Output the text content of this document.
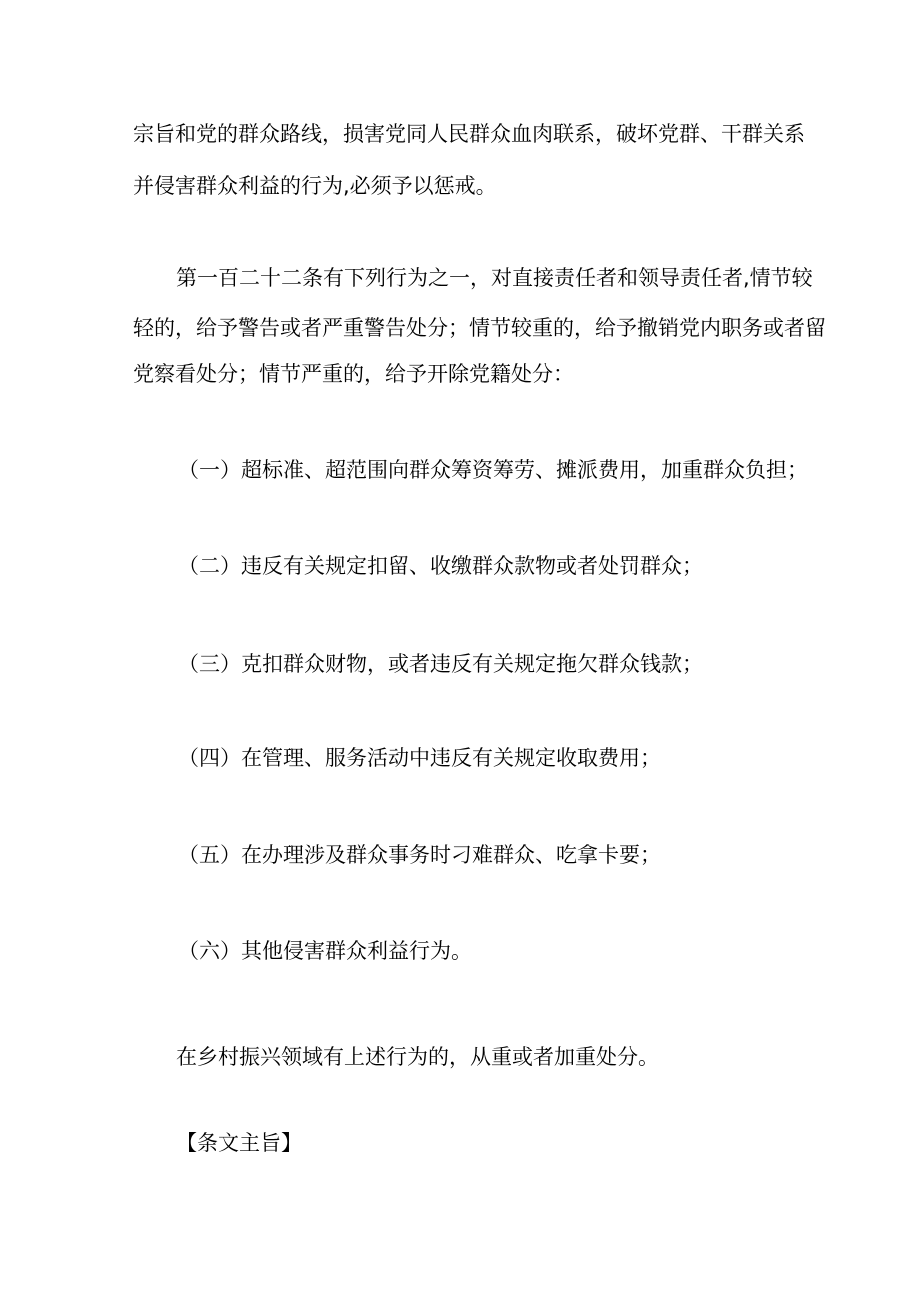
宗旨和党的群众路线，损害党同人民群众血肉联系，破坏党群、干群关系

并侵害群众利益的行为,必须予以惩戒。

第一百二十二条有下列行为之一，对直接责任者和领导责任者,情节较

轻的，给予警告或者严重警告处分；情节较重的，给予撤销党内职务或者留

党察看处分；情节严重的，给予开除党籍处分：

（一）超标准、超范围向群众筹资筹劳、摊派费用，加重群众负担；

（二）违反有关规定扣留、收缴群众款物或者处罚群众；

（三）克扣群众财物，或者违反有关规定拖欠群众钱款；

（四）在管理、服务活动中违反有关规定收取费用；

（五）在办理涉及群众事务时刁难群众、吃拿卡要；

（六）其他侵害群众利益行为。

在乡村振兴领域有上述行为的，从重或者加重处分。

【条文主旨】
